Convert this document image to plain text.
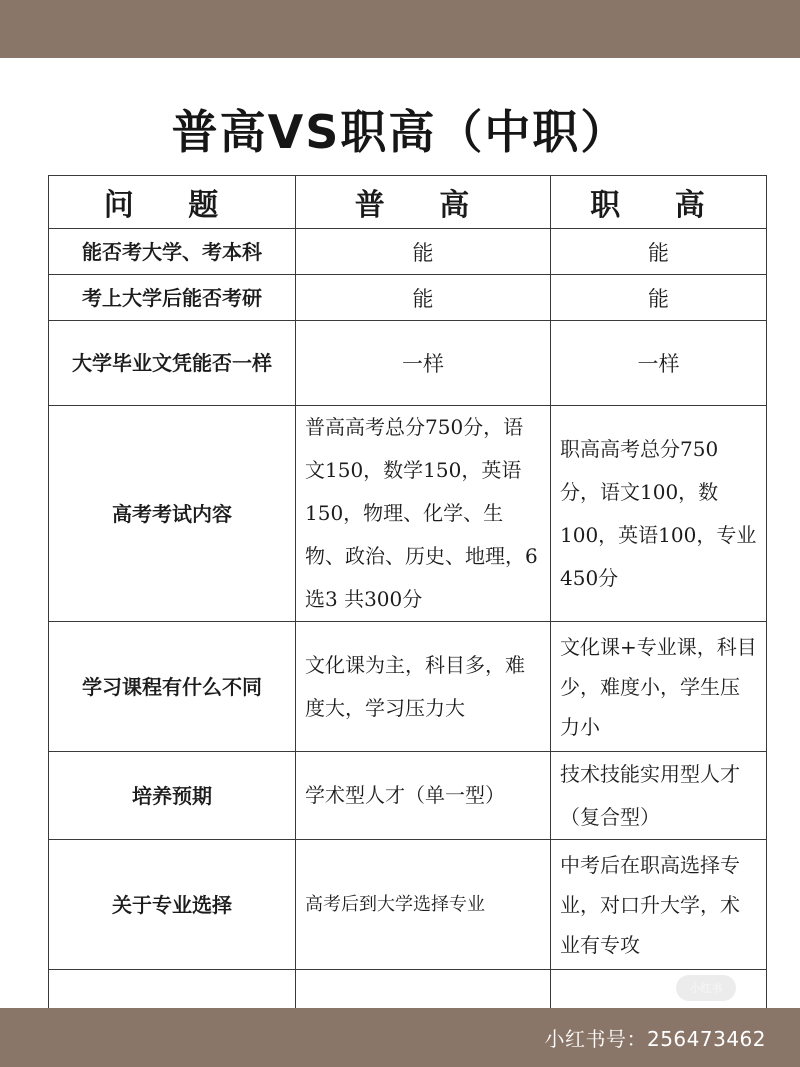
普高VS职高（中职）
问 题	普 高	职 高
能否考大学、考本科	能	能
考上大学后能否考研	能	能
大学毕业文凭能否一样	一样	一样
高考考试内容	普高高考总分750分，语文150，数学150，英语150，物理、化学、生物、政治、历史、地理，6选3 共300分	职高高考总分750分，语文100，数100，英语100，专业450分
学习课程有什么不同	文化课为主，科目多，难度大，学习压力大	文化课+专业课，科目少，难度小，学生压力小
培养预期	学术型人才（单一型）	技术技能实用型人才（复合型）
关于专业选择	高考后到大学选择专业	中考后在职高选择专业，对口升大学，术业有专攻

小红书
小红书号：256473462
